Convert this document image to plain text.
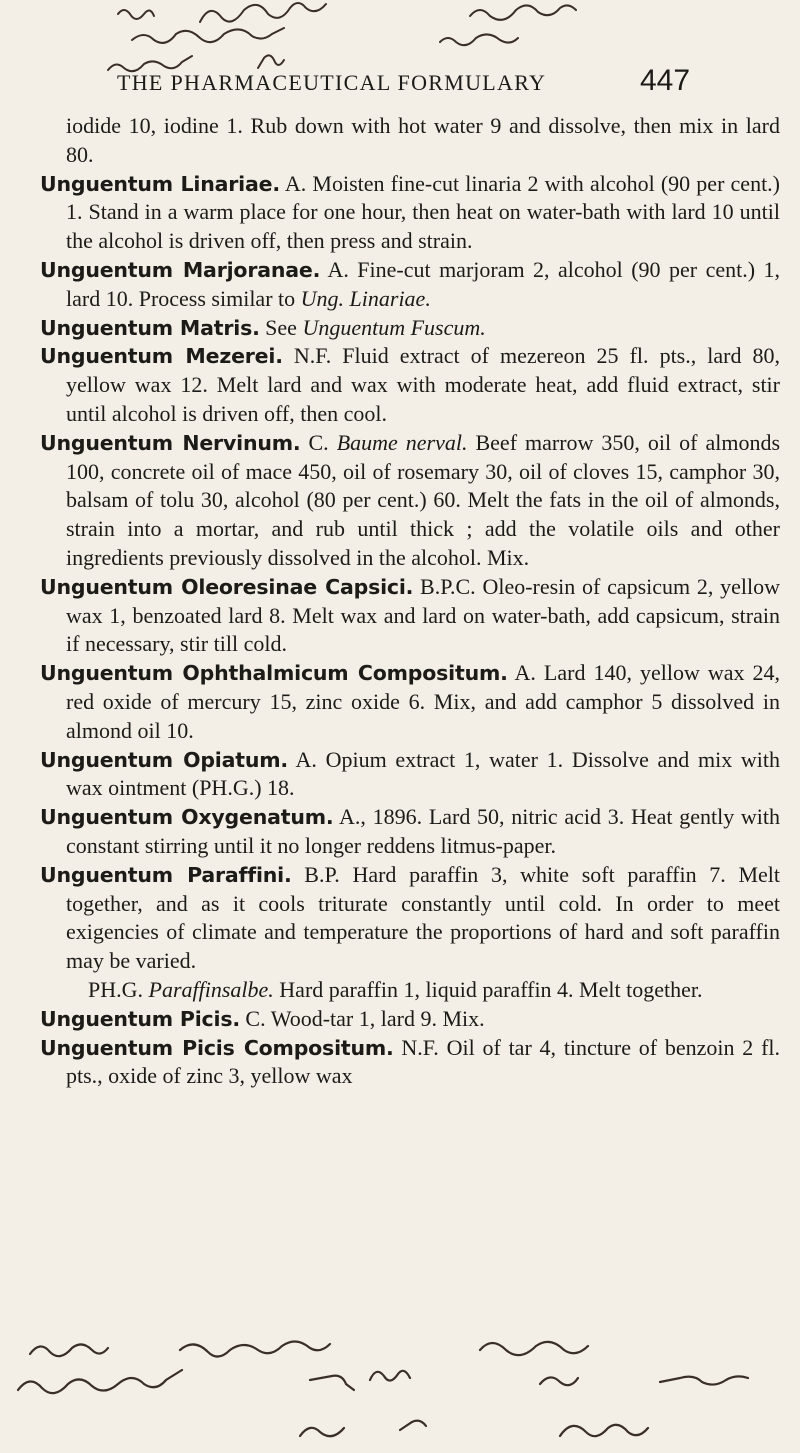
THE PHARMACEUTICAL FORMULARY	447

iodide 10, iodine 1. Rub down with hot water 9 and dissolve, then mix in lard 80.

Unguentum Linariae. A. Moisten fine-cut linaria 2 with alcohol (90 per cent.) 1. Stand in a warm place for one hour, then heat on water-bath with lard 10 until the alcohol is driven off, then press and strain.

Unguentum Marjoranae. A. Fine-cut marjoram 2, alcohol (90 per cent.) 1, lard 10. Process similar to Ung. Linariae.

Unguentum Matris. See Unguentum Fuscum.

Unguentum Mezerei. N.F. Fluid extract of mezereon 25 fl. pts., lard 80, yellow wax 12. Melt lard and wax with moderate heat, add fluid extract, stir until alcohol is driven off, then cool.

Unguentum Nervinum. C. Baume nerval. Beef marrow 350, oil of almonds 100, concrete oil of mace 450, oil of rosemary 30, oil of cloves 15, camphor 30, balsam of tolu 30, alcohol (80 per cent.) 60. Melt the fats in the oil of almonds, strain into a mortar, and rub until thick ; add the volatile oils and other ingredients previously dissolved in the alcohol. Mix.

Unguentum Oleoresinae Capsici. B.P.C. Oleo-resin of capsicum 2, yellow wax 1, benzoated lard 8. Melt wax and lard on water-bath, add capsicum, strain if necessary, stir till cold.

Unguentum Ophthalmicum Compositum. A. Lard 140, yellow wax 24, red oxide of mercury 15, zinc oxide 6. Mix, and add camphor 5 dissolved in almond oil 10.

Unguentum Opiatum. A. Opium extract 1, water 1. Dissolve and mix with wax ointment (PH.G.) 18.

Unguentum Oxygenatum. A., 1896. Lard 50, nitric acid 3. Heat gently with constant stirring until it no longer reddens litmus-paper.

Unguentum Paraffini. B.P. Hard paraffin 3, white soft paraffin 7. Melt together, and as it cools triturate constantly until cold. In order to meet exigencies of climate and temperature the proportions of hard and soft paraffin may be varied.

PH.G. Paraffinsalbe. Hard paraffin 1, liquid paraffin 4. Melt together.

Unguentum Picis. C. Wood-tar 1, lard 9. Mix.

Unguentum Picis Compositum. N.F. Oil of tar 4, tincture of benzoin 2 fl. pts., oxide of zinc 3, yellow wax
